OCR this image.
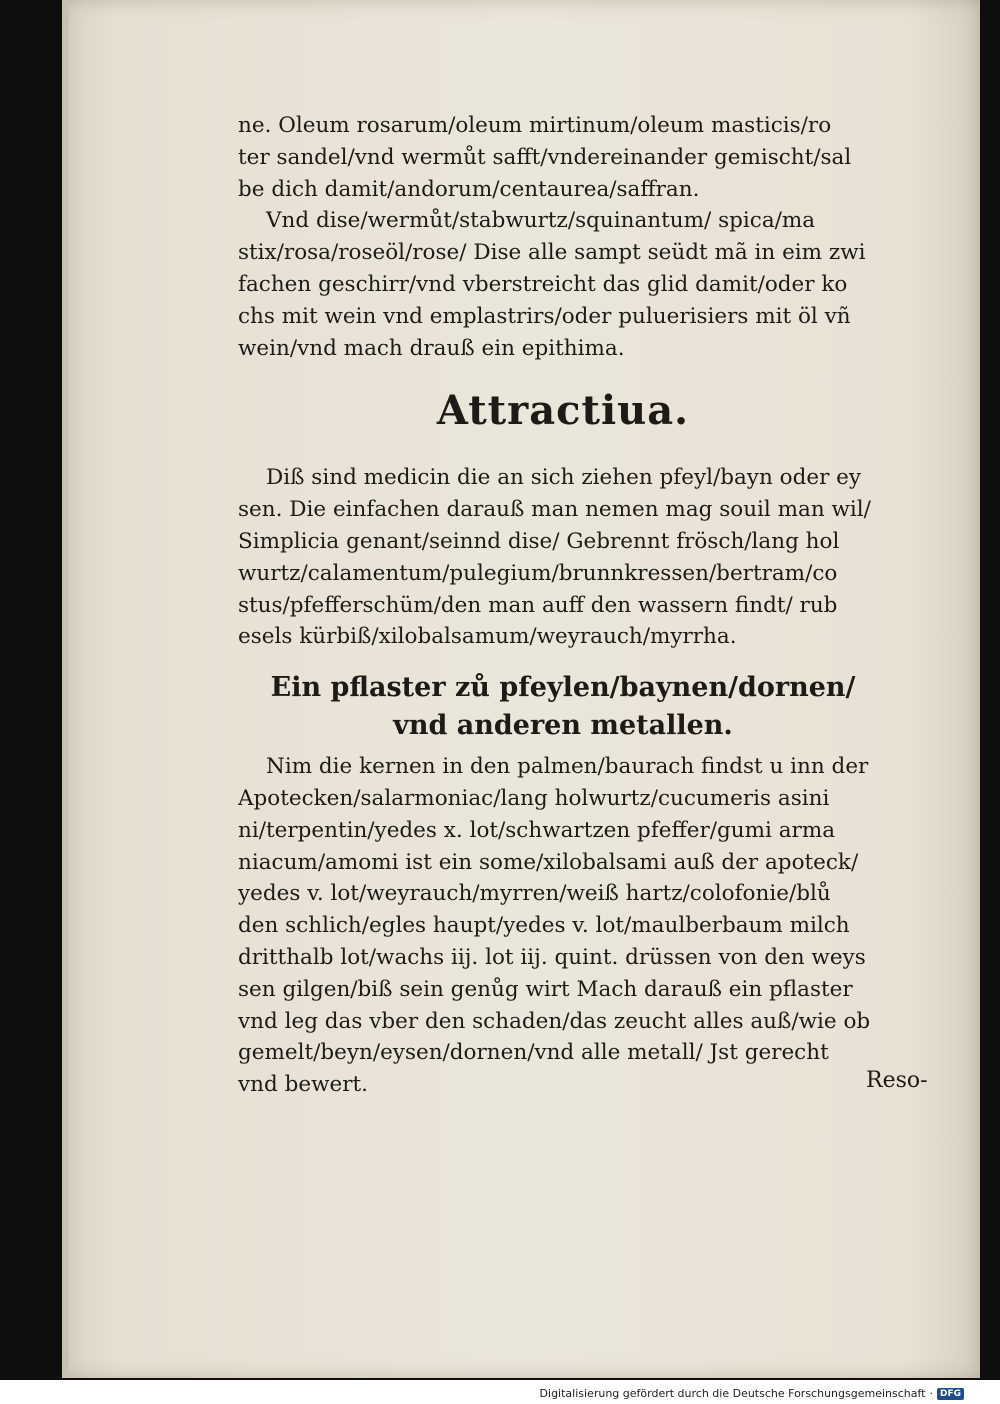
ne. Oleum rosarum/oleum mirtinum/oleum masticis/ro
ter sandel/vnd wermůt safft/vndereinander gemischt/sal
be dich damit/andorum/centaurea/saffran.

Vnd dise/wermůt/stabwurtz/squinantum/ spica/ma
stix/rosa/roseöl/rose/ Dise alle sampt seüdt mã in eim zwi
fachen geschirr/vnd vberstreicht das glid damit/oder ko
chs mit wein vnd emplastrirs/oder puluerisiers mit öl vñ
wein/vnd mach drauß ein epithima.

Attractiua.

Diß sind medicin die an sich ziehen pfeyl/bayn oder ey
sen. Die einfachen darauß man nemen mag souil man wil/
Simplicia genant/seinnd dise/ Gebrennt frösch/lang hol
wurtz/calamentum/pulegium/brunnkressen/bertram/co
stus/pfefferschüm/den man auff den wassern findt/ rub
esels kürbiß/xilobalsamum/weyrauch/myrrha.

Ein pflaster zů pfeylen/baynen/dornen/
vnd anderen metallen.

Nim die kernen in den palmen/baurach findst u inn der
Apotecken/salarmoniac/lang holwurtz/cucumeris asini
ni/terpentin/yedes x. lot/schwartzen pfeffer/gumi arma
niacum/amomi ist ein some/xilobalsami auß der apoteck/
yedes v. lot/weyrauch/myrren/weiß hartz/colofonie/blů
den schlich/egles haupt/yedes v. lot/maulberbaum milch
dritthalb lot/wachs iij. lot iij. quint. drüssen von den weys
sen gilgen/biß sein genůg wirt Mach darauß ein pflaster
vnd leg das vber den schaden/das zeucht alles auß/wie ob
gemelt/beyn/eysen/dornen/vnd alle metall/ Jst gerecht
vnd bewert.	Reso-
Digitalisierung gefördert durch die Deutsche Forschungsgemeinschaft · DFG
